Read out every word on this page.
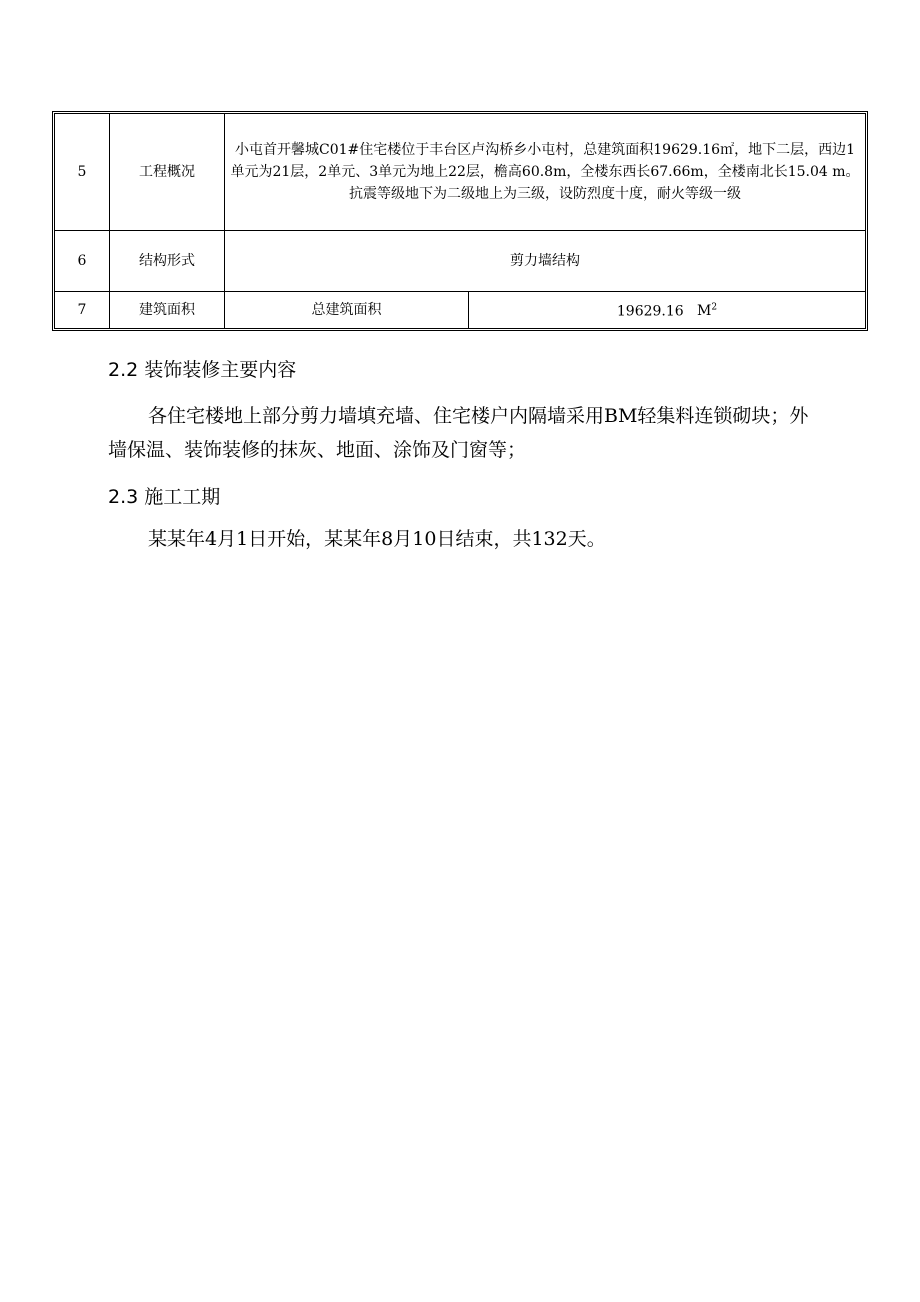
5	工程概况	小屯首开馨城C01#住宅楼位于丰台区卢沟桥乡小屯村，总建筑面积19629.16㎡，地下二层，西边1单元为21层，2单元、3单元为地上22层，檐高60.8m，全楼东西长67.66m，全楼南北长15.04 m。抗震等级地下为二级地上为三级，设防烈度十度，耐火等级一级	
6	结构形式	剪力墙结构	
7	建筑面积	总建筑面积	19629.16 $M^2$
2.2 装饰装修主要内容
各住宅楼地上部分剪力墙填充墙、住宅楼户内隔墙采用BM轻集料连锁砌块；外墙保温、装饰装修的抹灰、地面、涂饰及门窗等；
2.3 施工工期
某某年4月1日开始，某某年8月10日结束，共132天。
